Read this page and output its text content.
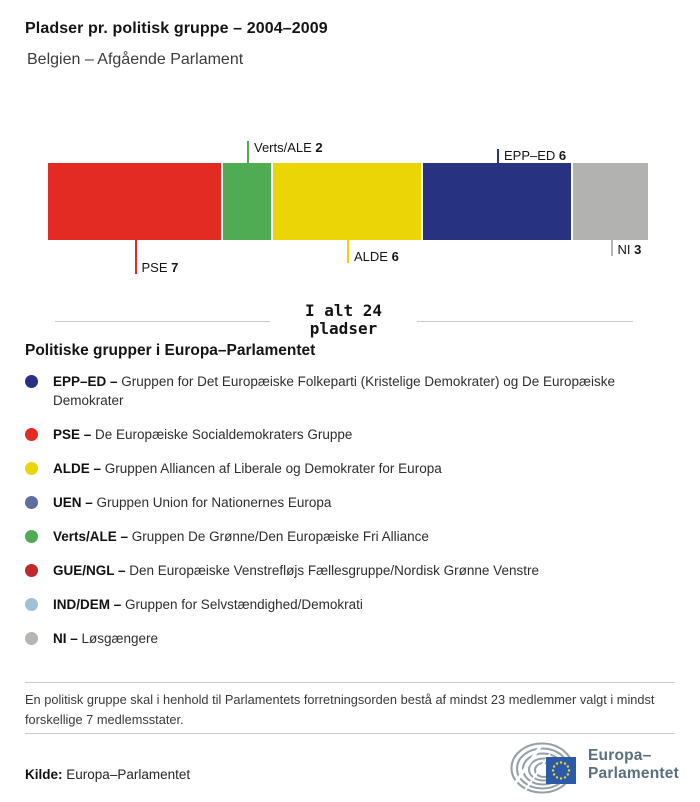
Pladser pr. politisk gruppe – 2004–2009
Belgien – Afgående Parlament
PSE 7
Verts/ALE 2
ALDE 6
EPP–ED 6
NI 3
I alt 24
pladser
Politiske grupper i Europa–Parlamentet
EPP–ED – Gruppen for Det Europæiske Folkeparti (Kristelige Demokrater) og De Europæiske Demokrater
PSE – De Europæiske Socialdemokraters Gruppe
ALDE – Gruppen Alliancen af Liberale og Demokrater for Europa
UEN – Gruppen Union for Nationernes Europa
Verts/ALE – Gruppen De Grønne/Den Europæiske Fri Alliance
GUE/NGL – Den Europæiske Venstrefløjs Fællesgruppe/Nordisk Grønne Venstre
IND/DEM – Gruppen for Selvstændighed/Demokrati
NI – Løsgængere
En politisk gruppe skal i henhold til Parlamentets forretningsorden bestå af mindst 23 medlemmer valgt i mindst forskellige 7 medlemsstater.
Kilde: Europa–Parlamentet
Europa–
Parlamentet
